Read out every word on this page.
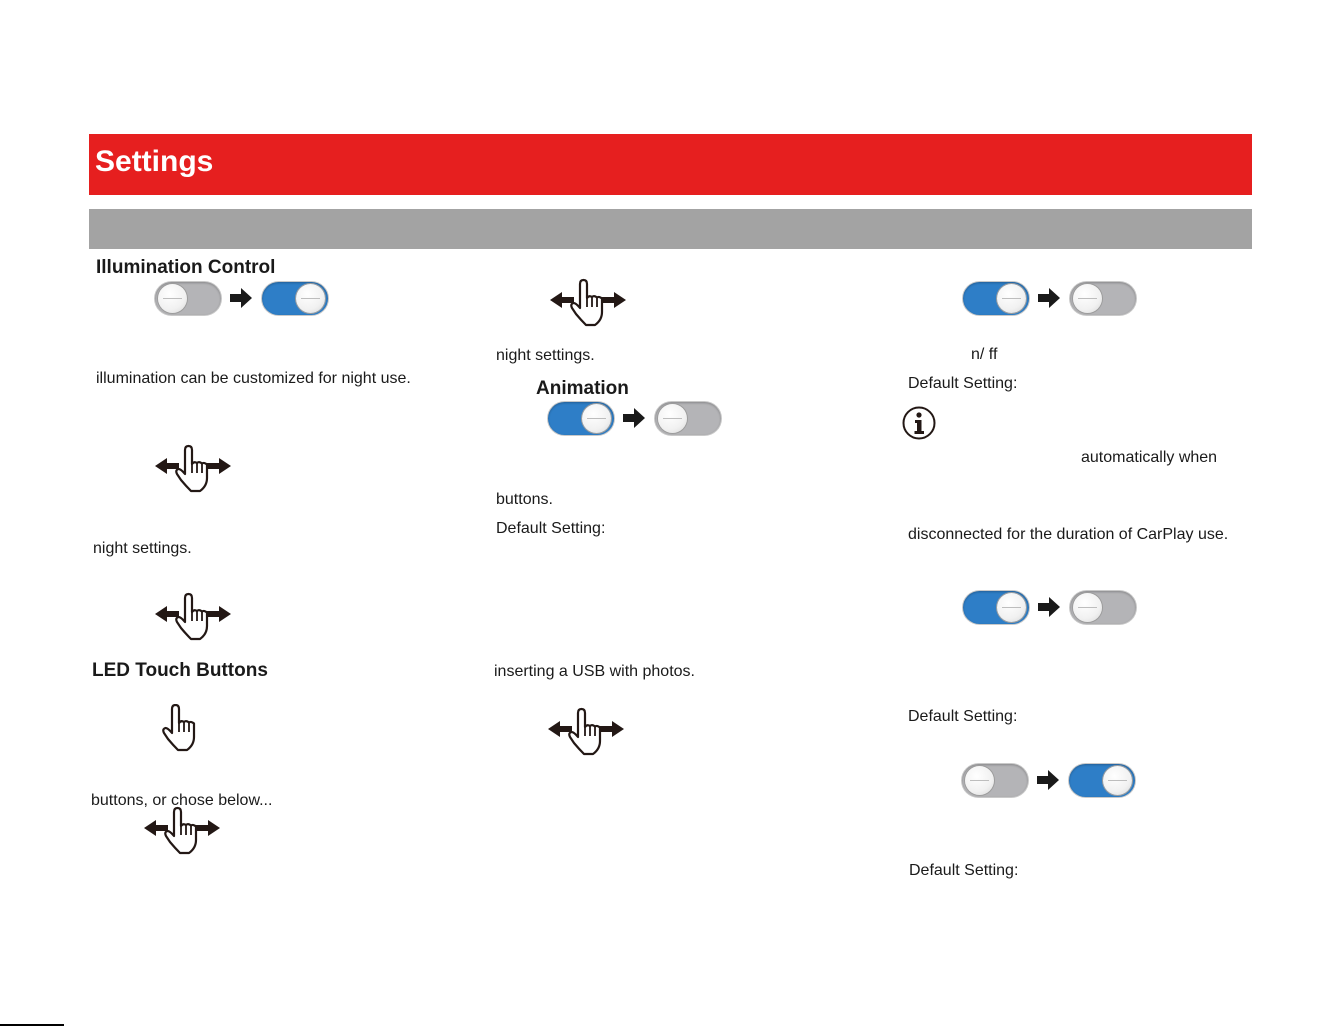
Settings
Illumination Control
illumination can be customized for night use.
night settings.
LED Touch Buttons
buttons, or chose below...
night settings.
Animation
buttons.
Default Setting:
inserting a USB with photos.
n/ ff
Default Setting:
automatically when
disconnected for the duration of CarPlay use.
Default Setting:
Default Setting:
